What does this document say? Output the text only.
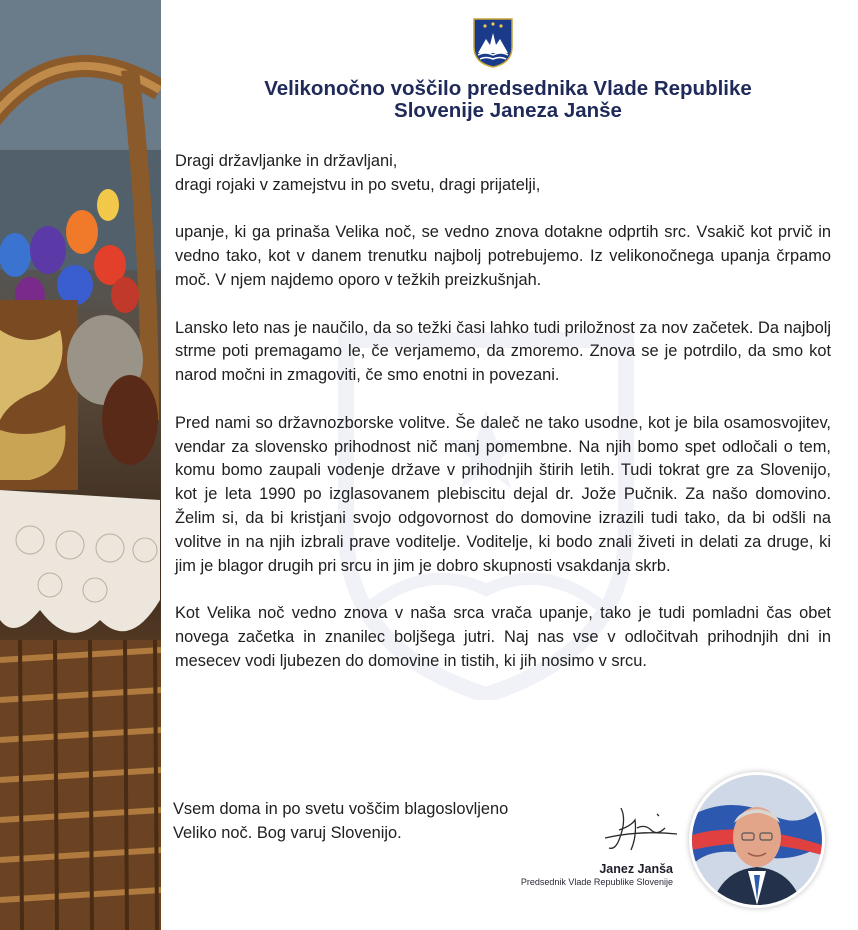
Velikonočno voščilo predsednika Vlade Republike
Slovenije Janeza Janše

Dragi državljanke in državljani,
dragi rojaki v zamejstvu in po svetu, dragi prijatelji,

upanje, ki ga prinaša Velika noč, se vedno znova dotakne odprtih src. Vsakič kot prvič in vedno tako, kot v danem trenutku najbolj potrebujemo. Iz velikonočnega upanja črpamo moč. V njem najdemo oporo v težkih preizkušnjah.

Lansko leto nas je naučilo, da so težki časi lahko tudi priložnost za nov začetek. Da najbolj strme poti premagamo le, če verjamemo, da zmoremo. Znova se je potrdilo, da smo kot narod močni in zmagoviti, če smo enotni in povezani.

Pred nami so državnozborske volitve. Še daleč ne tako usodne, kot je bila osamosvojitev, vendar za slovensko prihodnost nič manj pomembne. Na njih bomo spet odločali o tem, komu bomo zaupali vodenje države v prihodnjih štirih letih. Tudi tokrat gre za Slovenijo, kot je leta 1990 po izglasovanem plebiscitu dejal dr. Jože Pučnik. Za našo domovino. Želim si, da bi kristjani svojo odgovornost do domovine izrazili tudi tako, da bi odšli na volitve in na njih izbrali prave voditelje. Voditelje, ki bodo znali živeti in delati za druge, ki jim je blagor drugih pri srcu in jim je dobro skupnosti vsakdanja skrb.

Kot Velika noč vedno znova v naša srca vrača upanje, tako je tudi pomladni čas obet novega začetka in znanilec boljšega jutri. Naj nas vse v odločitvah prihodnjih dni in mesecev vodi ljubezen do domovine in tistih, ki jih nosimo v srcu.

Vsem doma in po svetu voščim blagoslovljeno
Veliko noč. Bog varuj Slovenijo.
Janez Janša
Predsednik Vlade Republike Slovenije
